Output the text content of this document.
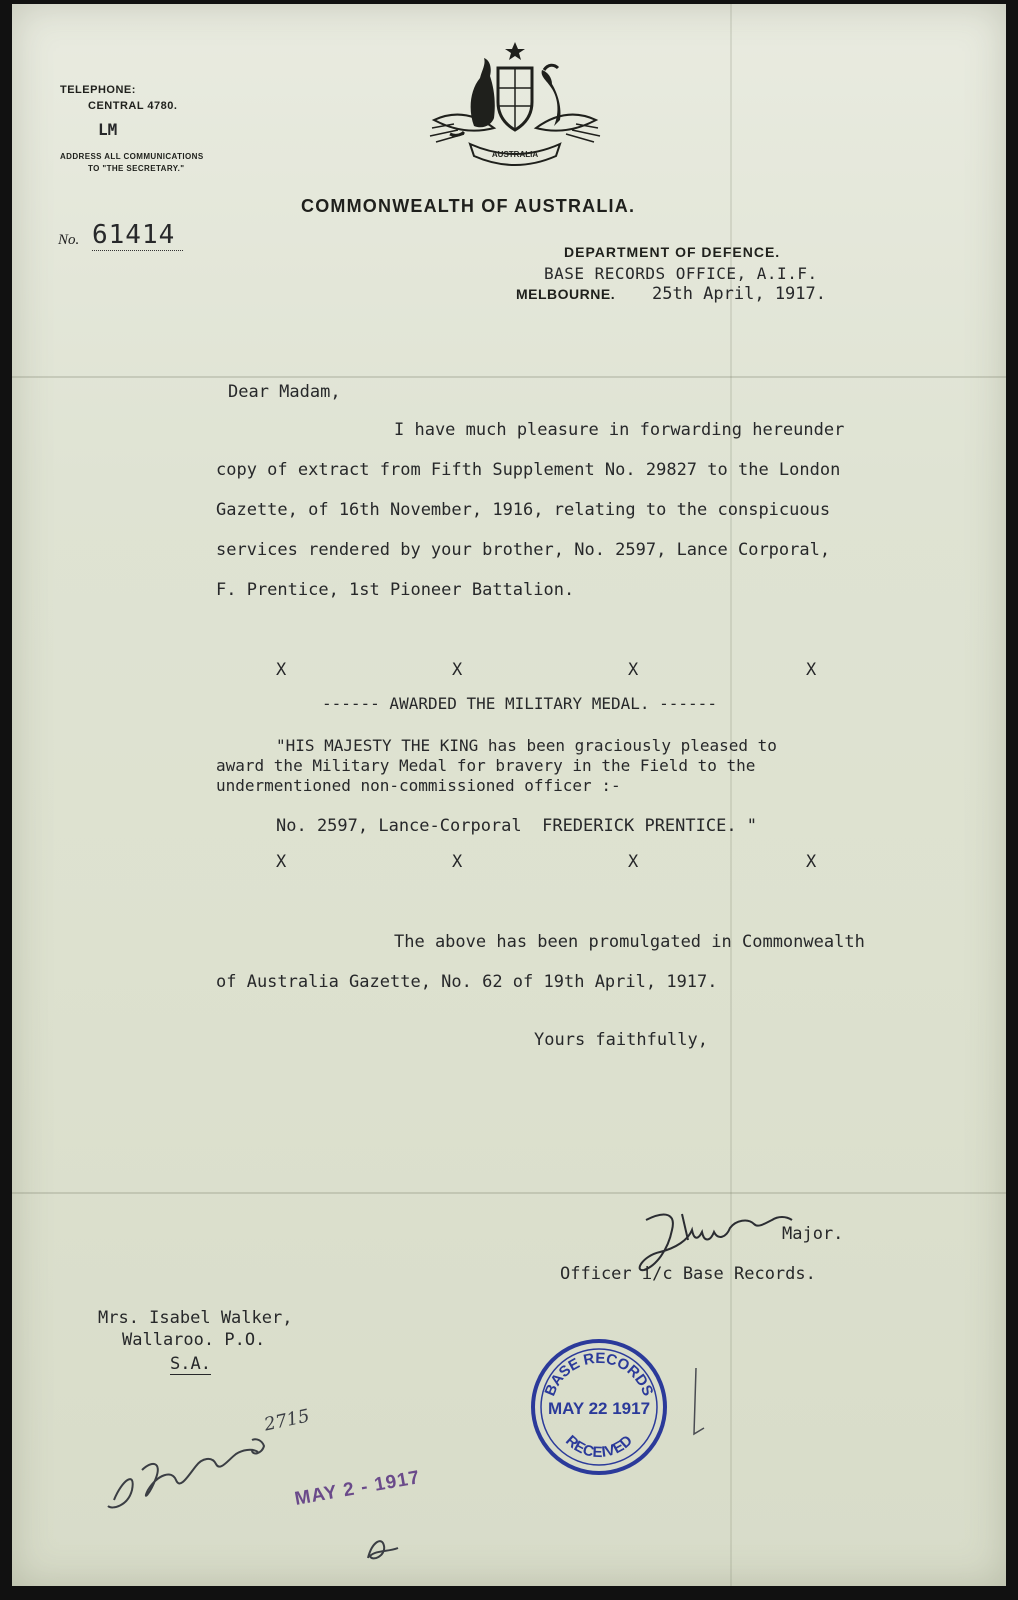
TELEPHONE:
CENTRAL 4780.
LM
ADDRESS ALL COMMUNICATIONS
TO "THE SECRETARY."
No. 61414
AUSTRALIA
COMMONWEALTH OF AUSTRALIA.
DEPARTMENT OF DEFENCE.
BASE RECORDS OFFICE, A.I.F.
MELBOURNE. 25th April, 1917.
Dear Madam,
I have much pleasure in forwarding hereunder
copy of extract from Fifth Supplement No. 29827 to the London
Gazette, of 16th November, 1916, relating to the conspicuous
services rendered by your brother, No. 2597, Lance Corporal,
F. Prentice, 1st Pioneer Battalion.
X	X	X	X
------ AWARDED THE MILITARY MEDAL. ------
"HIS MAJESTY THE KING has been graciously pleased to
award the Military Medal for bravery in the Field to the
undermentioned non-commissioned officer :-
No. 2597, Lance-Corporal  FREDERICK PRENTICE. "
X	X	X	X
The above has been promulgated in Commonwealth
of Australia Gazette, No. 62 of 19th April, 1917.
Yours faithfully,
Major.
Officer i/c Base Records.
Mrs. Isabel Walker,
Wallaroo. P.O.
S.A.
BASE RECORDS
MAY 22 1917
RECEIVED
2715
MAY 2 - 1917
